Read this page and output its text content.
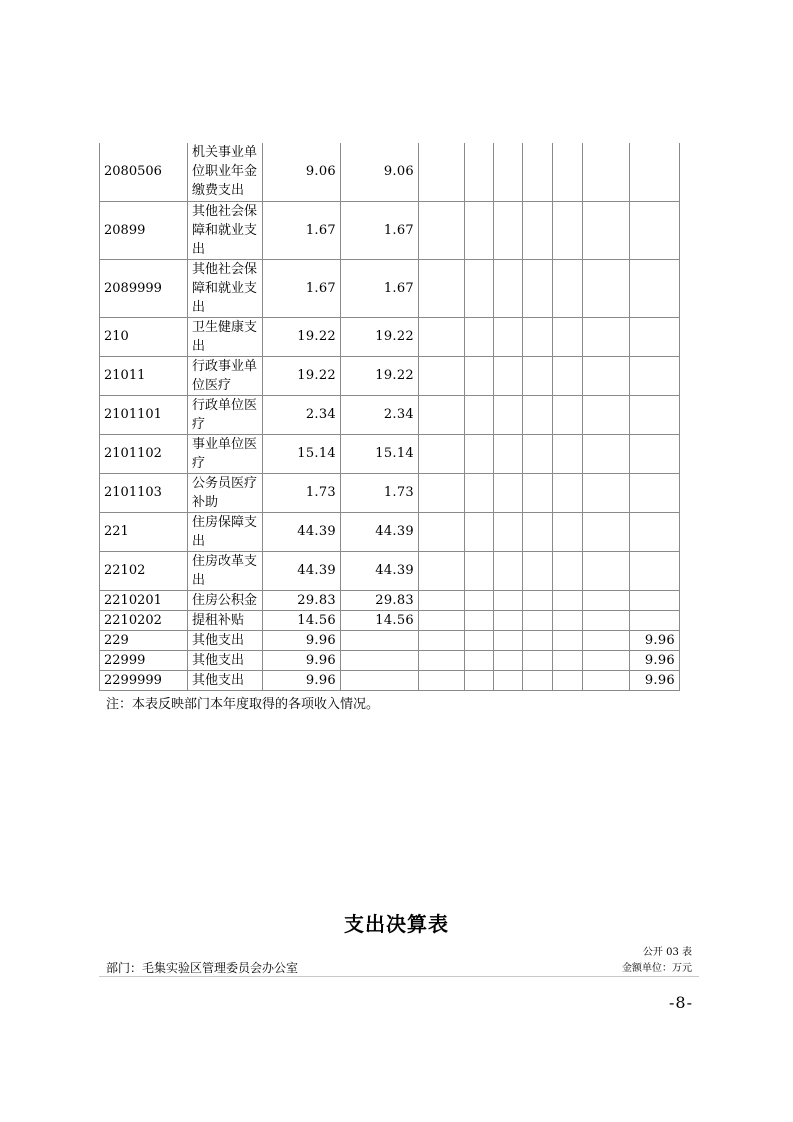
2080506	机关事业单位职业年金缴费支出	9.06	9.06							
20899	其他社会保障和就业支出	1.67	1.67							
2089999	其他社会保障和就业支出	1.67	1.67							
210	卫生健康支出	19.22	19.22							
21011	行政事业单位医疗	19.22	19.22							
2101101	行政单位医疗	2.34	2.34							
2101102	事业单位医疗	15.14	15.14							
2101103	公务员医疗补助	1.73	1.73							
221	住房保障支出	44.39	44.39							
22102	住房改革支出	44.39	44.39							
2210201	住房公积金	29.83	29.83							
2210202	提租补贴	14.56	14.56							
229	其他支出	9.96								9.96
22999	其他支出	9.96								9.96
2299999	其他支出	9.96								9.96
注：本表反映部门本年度取得的各项收入情况。
支出决算表
公开 03 表
部门：毛集实验区管理委员会办公室	金额单位：万元
-8-
